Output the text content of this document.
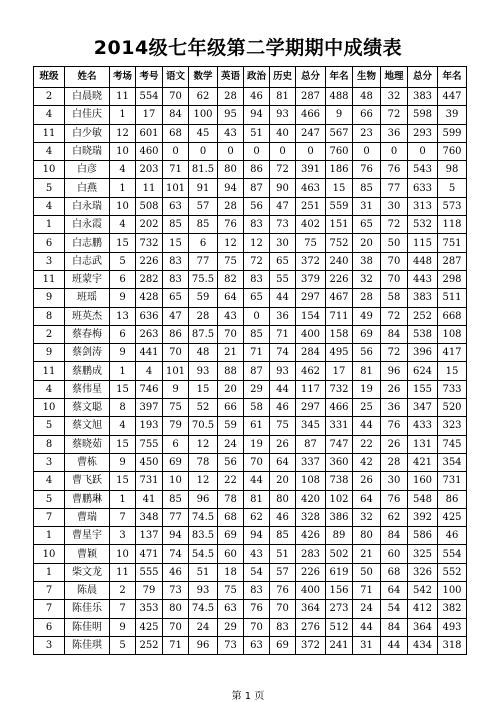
2014级七年级第二学期期中成绩表
班级	姓名	考场	考号	语文	数学	英语	政治	历史	总分	年名	生物	地理	总分	年名
2	白晨晓	11	554	70	62	28	46	81	287	488	48	32	383	447
4	白佳庆	1	17	84	100	95	94	93	466	9	66	72	598	39
11	白少敏	12	601	68	45	43	51	40	247	567	23	36	293	599
4	白晓瑞	10	460	0	0	0	0	0	0	760	0	0	0	760
10	白彦	4	203	71	81.5	80	86	72	391	186	76	76	543	98
5	白燕	1	11	101	91	94	87	90	463	15	85	77	633	5
4	白永瑞	10	508	63	57	28	56	47	251	559	31	30	313	573
1	白永霞	4	202	85	85	76	83	73	402	151	65	72	532	118
6	白志鹏	15	732	15	6	12	12	30	75	752	20	50	115	751
3	白志武	5	226	83	77	75	72	65	372	240	38	70	448	287
11	班蒙宇	6	282	83	75.5	82	83	55	379	226	32	70	443	298
9	班瑶	9	428	65	59	64	65	44	297	467	28	58	383	511
8	班英杰	13	636	47	28	43	0	36	154	711	49	72	252	668
2	蔡春梅	6	263	86	87.5	70	85	71	400	158	69	84	538	108
9	蔡剑涛	9	441	70	48	21	71	74	284	495	56	72	396	417
11	蔡鹏成	1	4	101	93	88	87	93	462	17	81	96	624	15
4	蔡伟星	15	746	9	15	20	29	44	117	732	19	26	155	733
10	蔡文聪	8	397	75	52	66	58	46	297	466	25	36	347	520
5	蔡文旭	4	193	79	70.5	59	61	75	345	331	44	76	433	323
8	蔡晓茹	15	755	6	12	24	19	26	87	747	22	26	131	745
3	曹栋	9	450	69	78	56	70	64	337	360	42	28	421	354
4	曹飞跃	15	731	10	12	22	44	20	108	738	26	30	160	731
5	曹鹏琳	1	41	85	96	78	81	80	420	102	64	76	548	86
7	曹瑞	7	348	77	74.5	68	62	46	328	386	32	62	392	425
1	曹星宇	3	137	94	83.5	69	94	85	426	89	80	84	586	46
10	曹颖	10	471	74	54.5	60	43	51	283	502	21	60	325	554
1	柴文龙	11	555	46	51	18	54	57	226	619	50	68	326	552
7	陈晨	2	79	73	93	75	83	76	400	156	71	64	542	100
7	陈佳乐	7	353	80	74.5	63	76	70	364	273	24	54	412	382
6	陈佳明	9	425	70	24	29	70	83	276	512	44	84	364	493
3	陈佳琪	5	252	71	96	73	63	69	372	241	31	44	434	318
第 1 页
